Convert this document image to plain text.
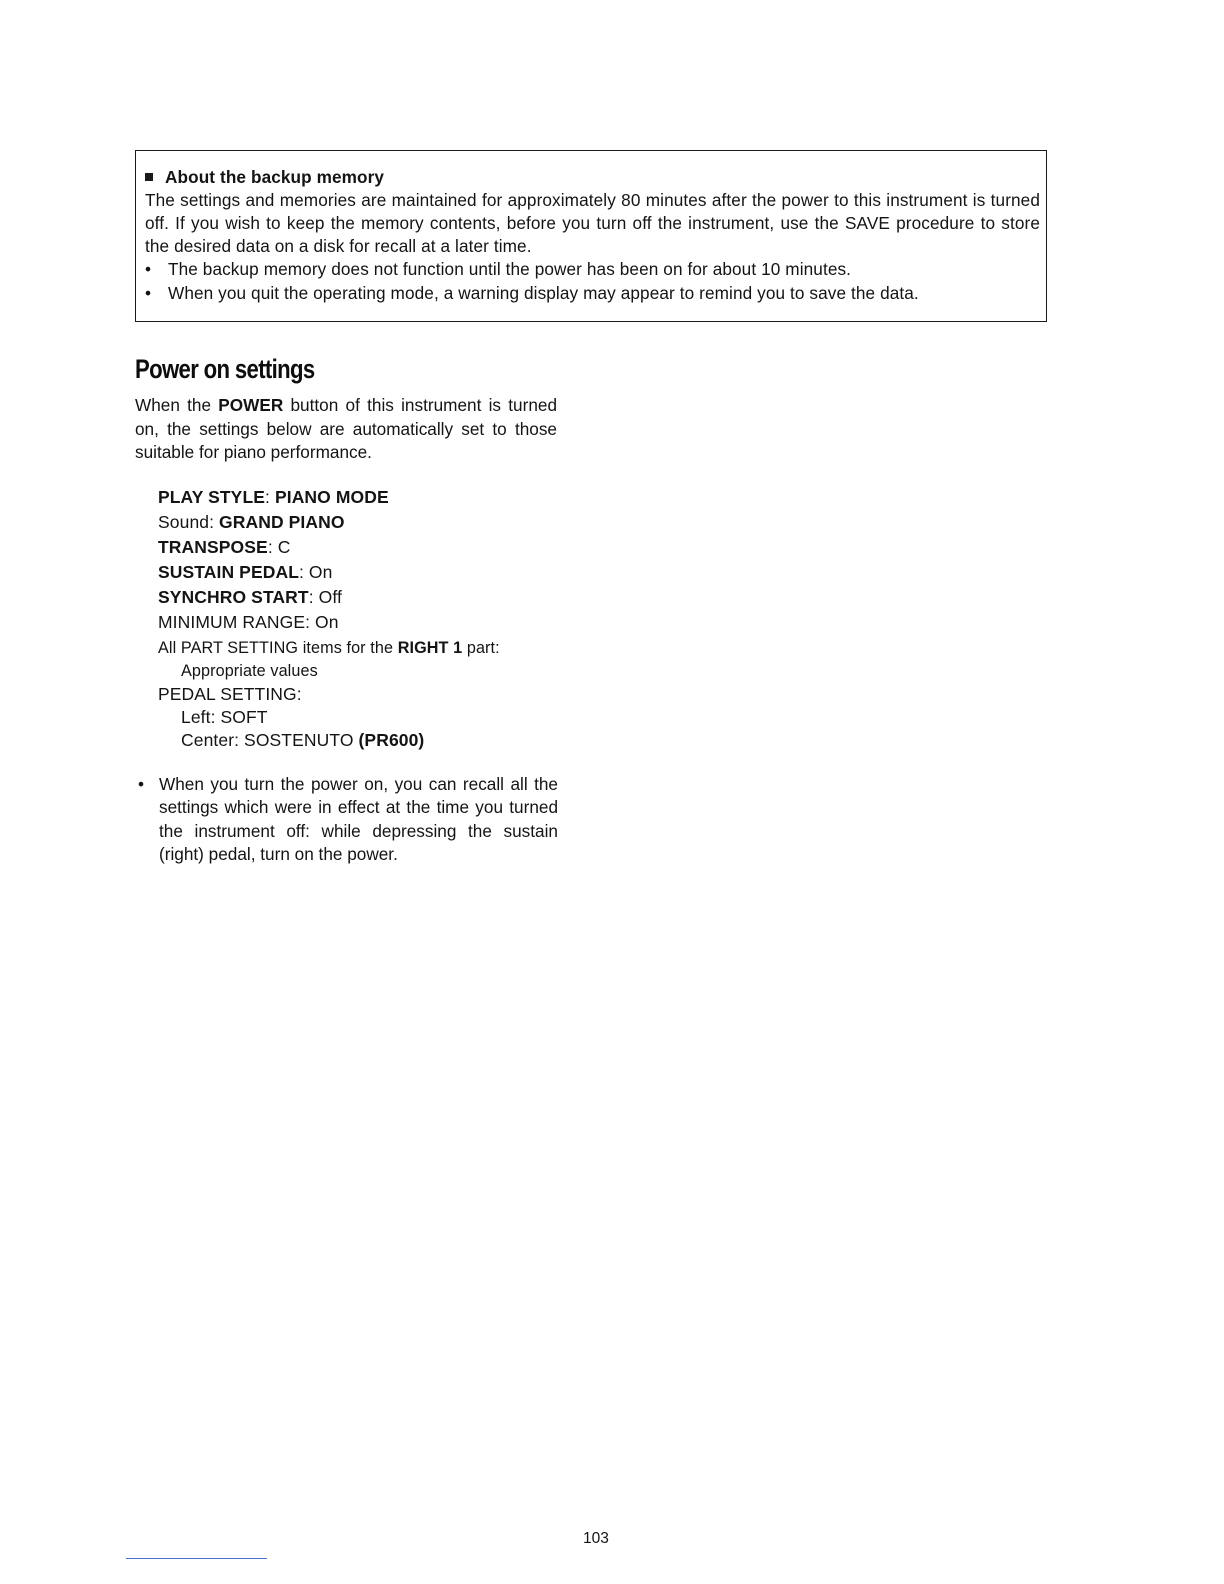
About the backup memory

The settings and memories are maintained for approximately 80 minutes after the power to this instrument is turned off. If you wish to keep the memory contents, before you turn off the instrument, use the SAVE procedure to store the desired data on a disk for recall at a later time.

• The backup memory does not function until the power has been on for about 10 minutes.
• When you quit the operating mode, a warning display may appear to remind you to save the data.
Power on settings

When the POWER button of this instrument is turned on, the settings below are automatically set to those suitable for piano performance.

PLAY STYLE: PIANO MODE
Sound: GRAND PIANO
TRANSPOSE: C
SUSTAIN PEDAL: On
SYNCHRO START: Off
MINIMUM RANGE: On
All PART SETTING items for the RIGHT 1 part:
Appropriate values
PEDAL SETTING:
Left: SOFT
Center: SOSTENUTO (PR600)
• When you turn the power on, you can recall all the settings which were in effect at the time you turned the instrument off: while depressing the sustain (right) pedal, turn on the power.

103
